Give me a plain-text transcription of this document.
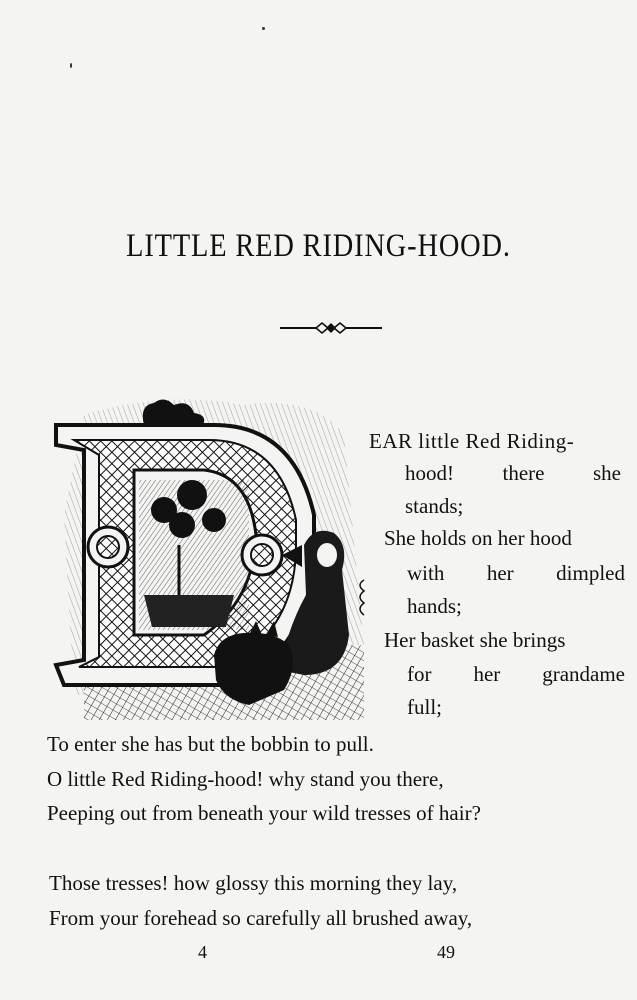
LITTLE RED RIDING-HOOD.
EAR little Red Riding-
hood! there she
stands;
She holds on her hood
with her dimpled
hands;
Her basket she brings
for her grandame
full;
To enter she has but the bobbin to pull.
O little Red Riding-hood! why stand you there,
Peeping out from beneath your wild tresses of hair?
Those tresses! how glossy this morning they lay,
From your forehead so carefully all brushed away,
4	49
